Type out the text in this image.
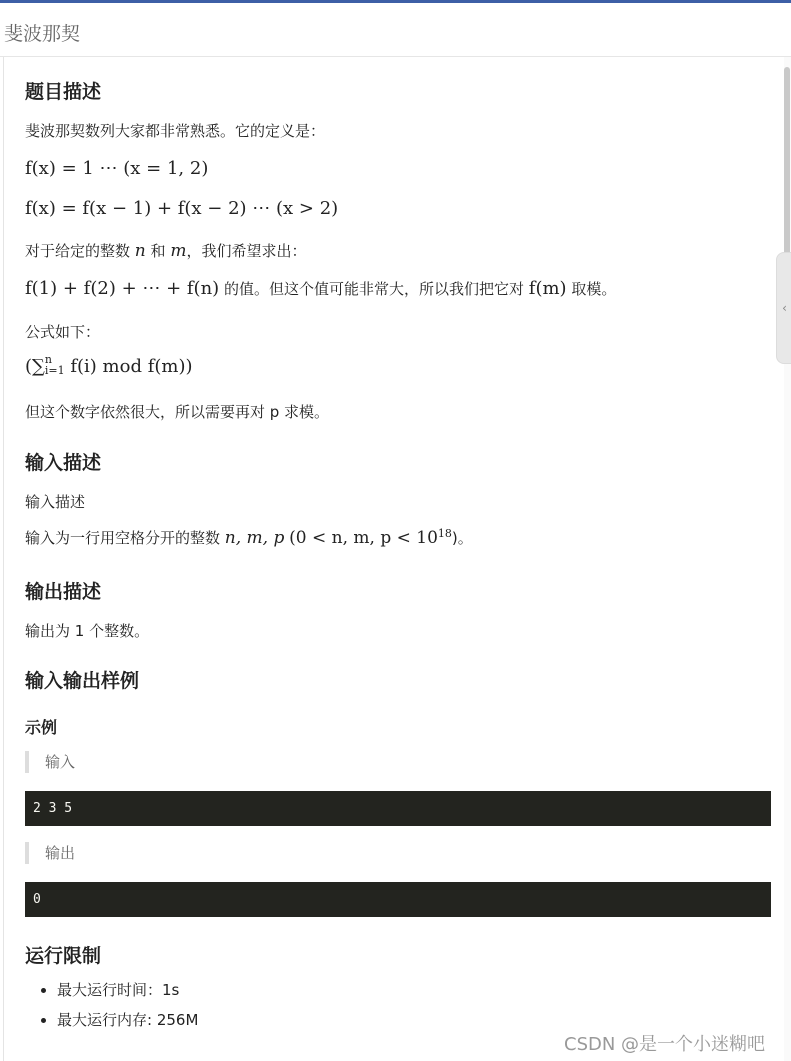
斐波那契
题目描述
斐波那契数列大家都非常熟悉。它的定义是：
f(x) = 1 ⋯ (x = 1, 2)
f(x) = f(x − 1) + f(x − 2) ⋯ (x > 2)
对于给定的整数 n 和 m，我们希望求出：
f(1) + f(2) + ⋯ + f(n) 的值。但这个值可能非常大，所以我们把它对 f(m) 取模。
公式如下：
(∑ n
i=1 f(i) mod f(m))
但这个数字依然很大，所以需要再对 p 求模。
输入描述
输入描述
输入为一行用空格分开的整数 n, m, p (0 < n, m, $p < 10^{18}$)。
输出描述
输出为 1 个整数。
输入输出样例
示例
输入
2 3 5
输出
0
运行限制
• 最大运行时间：1s
• 最大运行内存: 256M
‹
CSDN @是一个小迷糊吧
